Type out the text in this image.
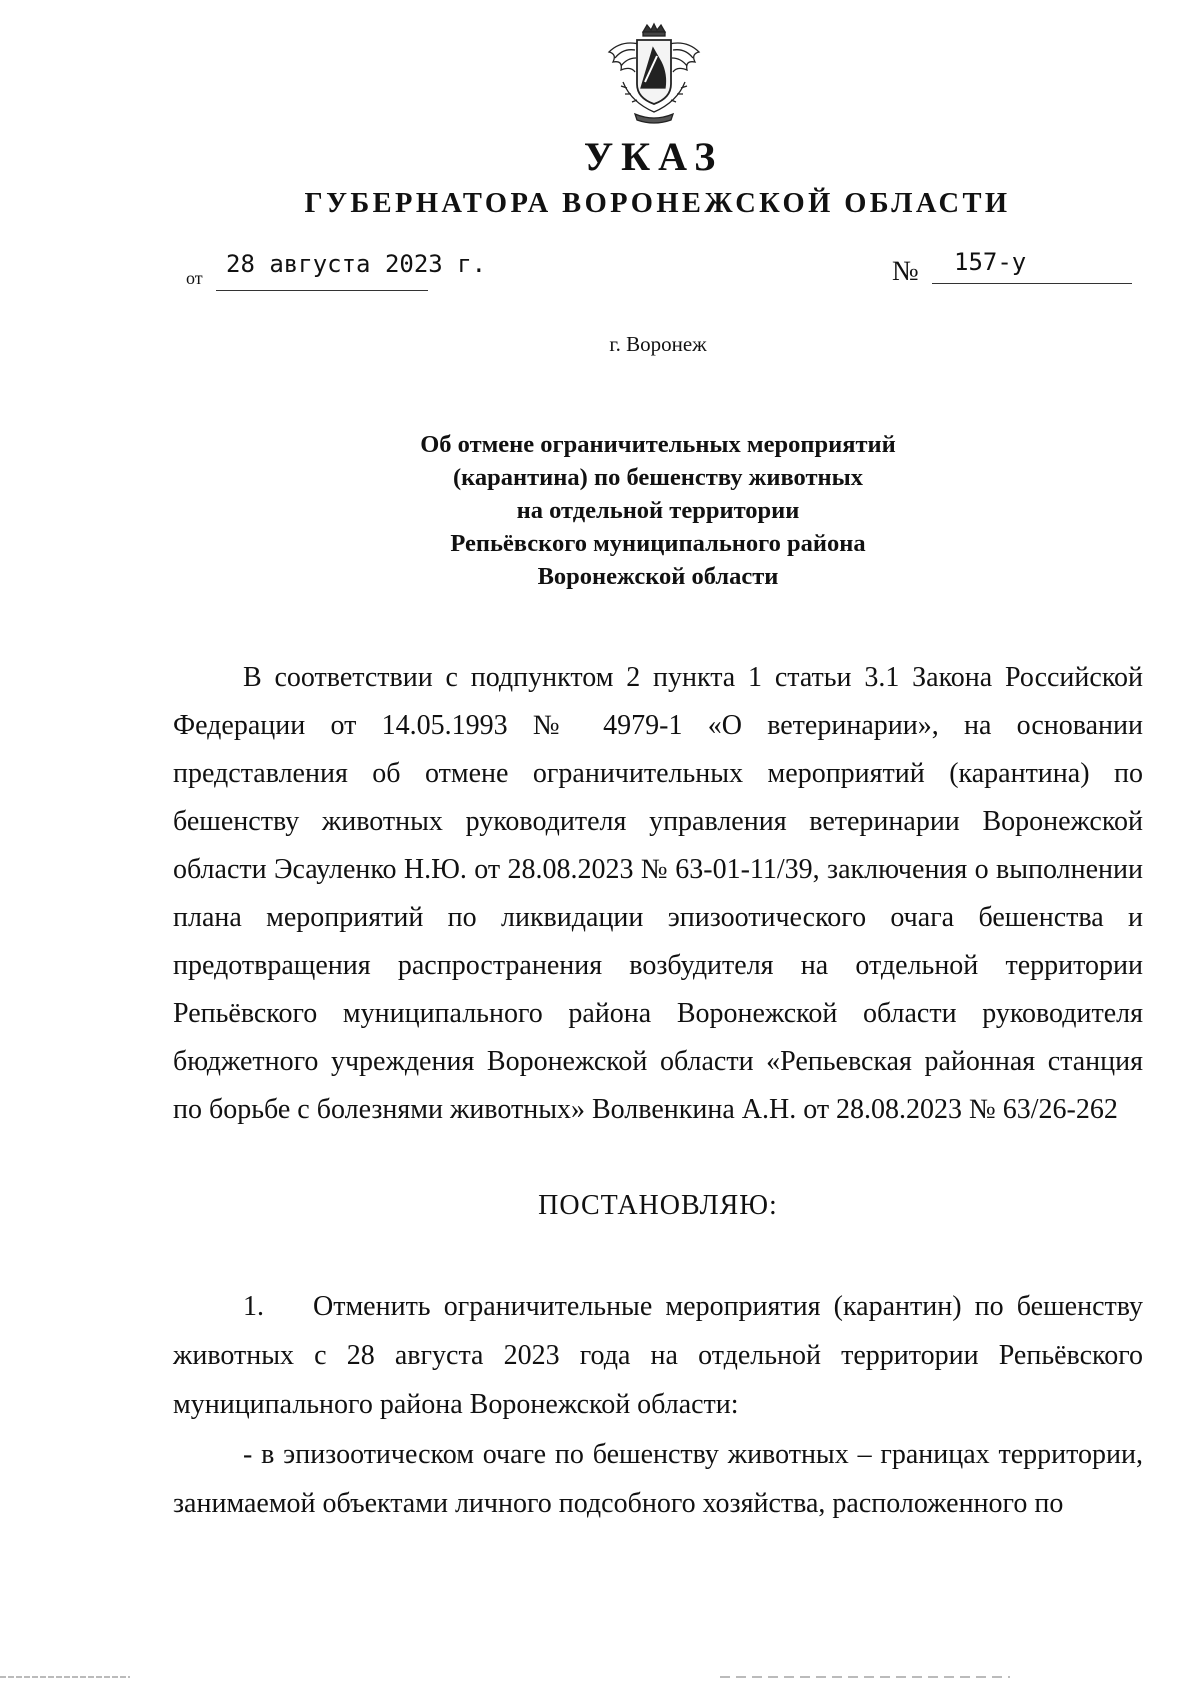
УКАЗ
ГУБЕРНАТОРА ВОРОНЕЖСКОЙ ОБЛАСТИ
от 28 августа 2023 г.	№ 157-у
г. Воронеж
Об отмене ограничительных мероприятий
(карантина) по бешенству животных
на отдельной территории
Репьёвского муниципального района
Воронежской области
В соответствии с подпунктом 2 пункта 1 статьи 3.1 Закона Российской Федерации от 14.05.1993 № 4979-1 «О ветеринарии», на основании представления об отмене ограничительных мероприятий (карантина) по бешенству животных руководителя управления ветеринарии Воронежской области Эсауленко Н.Ю. от 28.08.2023 № 63-01-11/39, заключения о выполнении плана мероприятий по ликвидации эпизоотического очага бешенства и предотвращения распространения возбудителя на отдельной территории Репьёвского муниципального района Воронежской области руководителя бюджетного учреждения Воронежской области «Репьевская районная станция по борьбе с болезнями животных» Волвенкина А.Н. от 28.08.2023 № 63/26-262
ПОСТАНОВЛЯЮ:
1. Отменить ограничительные мероприятия (карантин) по бешенству животных с 28 августа 2023 года на отдельной территории Репьёвского муниципального района Воронежской области:
- в эпизоотическом очаге по бешенству животных – границах территории, занимаемой объектами личного подсобного хозяйства, расположенного по
